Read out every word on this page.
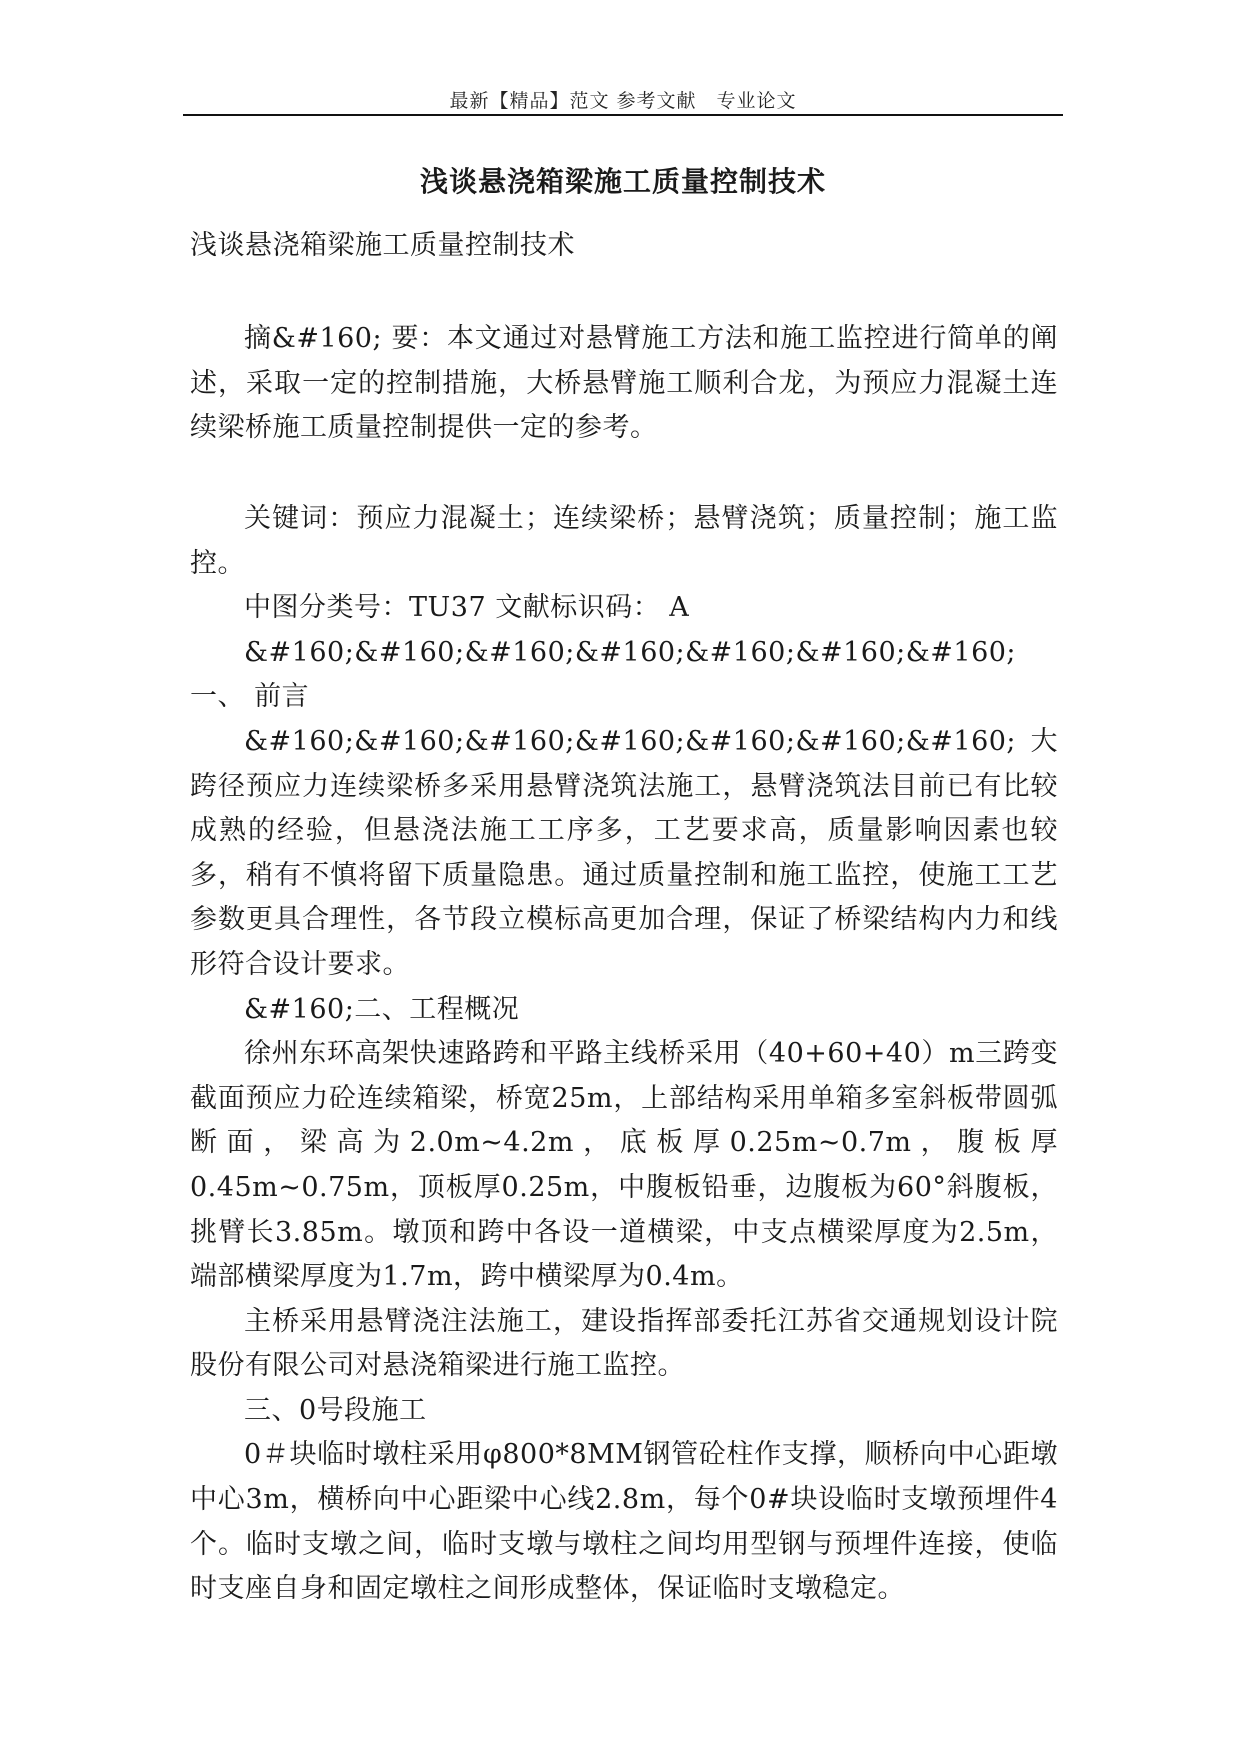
最新【精品】范文 参考文献　专业论文
浅谈悬浇箱梁施工质量控制技术

浅谈悬浇箱梁施工质量控制技术

摘&#160; 要：本文通过对悬臂施工方法和施工监控进行简单的阐述，采取一定的控制措施，大桥悬臂施工顺利合龙，为预应力混凝土连续梁桥施工质量控制提供一定的参考。

关键词：预应力混凝土；连续梁桥；悬臂浇筑；质量控制；施工监控。

中图分类号：TU37 文献标识码： A

&#160;&#160;&#160;&#160;&#160;&#160;&#160;一、 前言

&#160;&#160;&#160;&#160;&#160;&#160;&#160;大跨径预应力连续梁桥多采用悬臂浇筑法施工，悬臂浇筑法目前已有比较成熟的经验，但悬浇法施工工序多，工艺要求高，质量影响因素也较多，稍有不慎将留下质量隐患。通过质量控制和施工监控，使施工工艺参数更具合理性，各节段立模标高更加合理，保证了桥梁结构内力和线形符合设计要求。

&#160;二、工程概况

徐州东环高架快速路跨和平路主线桥采用（40+60+40）m三跨变截面预应力砼连续箱梁，桥宽25m，上部结构采用单箱多室斜板带圆弧断面，梁高为2.0m~4.2m，底板厚0.25m~0.7m，腹板厚0.45m~0.75m，顶板厚0.25m，中腹板铅垂，边腹板为60°斜腹板，挑臂长3.85m。墩顶和跨中各设一道横梁，中支点横梁厚度为2.5m，端部横梁厚度为1.7m，跨中横梁厚为0.4m。

主桥采用悬臂浇注法施工，建设指挥部委托江苏省交通规划设计院股份有限公司对悬浇箱梁进行施工监控。

三、0号段施工

0＃块临时墩柱采用φ800*8MM钢管砼柱作支撑，顺桥向中心距墩中心3m，横桥向中心距梁中心线2.8m，每个0#块设临时支墩预埋件4个。临时支墩之间，临时支墩与墩柱之间均用型钢与预埋件连接，使临时支座自身和固定墩柱之间形成整体，保证临时支墩稳定。
